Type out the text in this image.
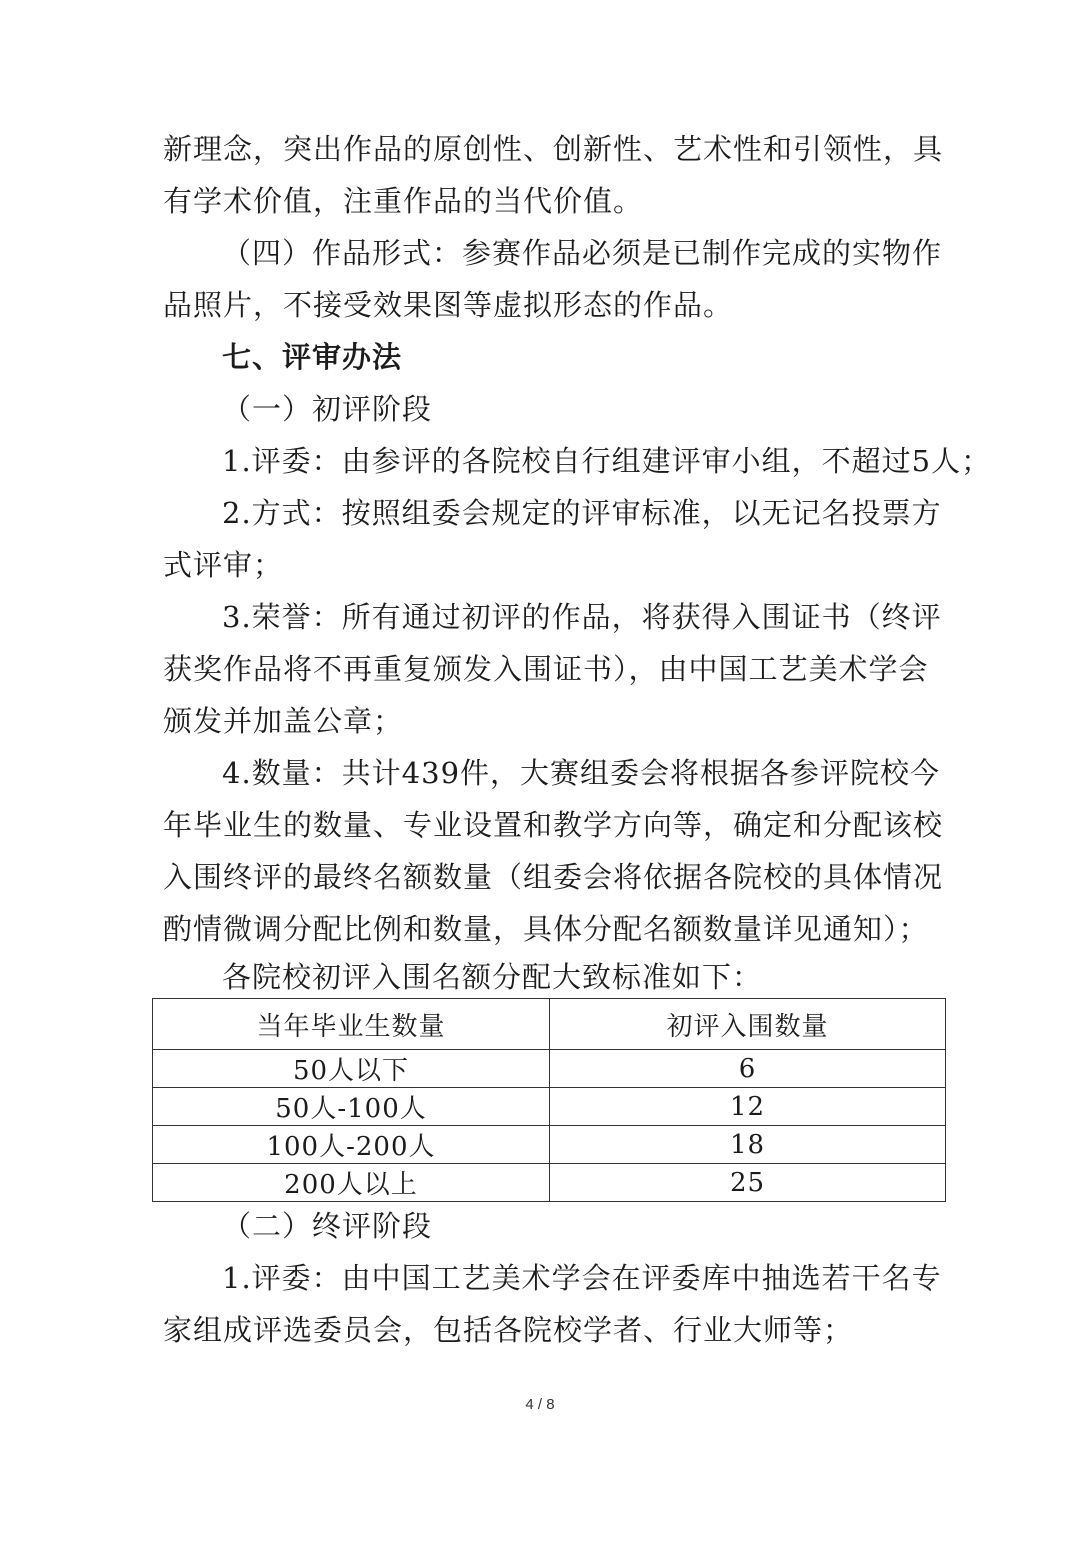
新理念，突出作品的原创性、创新性、艺术性和引领性，具
有学术价值，注重作品的当代价值。
（四）作品形式：参赛作品必须是已制作完成的实物作
品照片，不接受效果图等虚拟形态的作品。
七、评审办法
（一）初评阶段
1.评委：由参评的各院校自行组建评审小组，不超过5人；
2.方式：按照组委会规定的评审标准，以无记名投票方
式评审；
3.荣誉：所有通过初评的作品，将获得入围证书（终评
获奖作品将不再重复颁发入围证书），由中国工艺美术学会
颁发并加盖公章；
4.数量：共计439件，大赛组委会将根据各参评院校今
年毕业生的数量、专业设置和教学方向等，确定和分配该校
入围终评的最终名额数量（组委会将依据各院校的具体情况
酌情微调分配比例和数量，具体分配名额数量详见通知）；
各院校初评入围名额分配大致标准如下：
当年毕业生数量	初评入围数量
50人以下	6
50人-100人	12
100人-200人	18
200人以上	25
（二）终评阶段
1.评委：由中国工艺美术学会在评委库中抽选若干名专
家组成评选委员会，包括各院校学者、行业大师等；
4 / 8
